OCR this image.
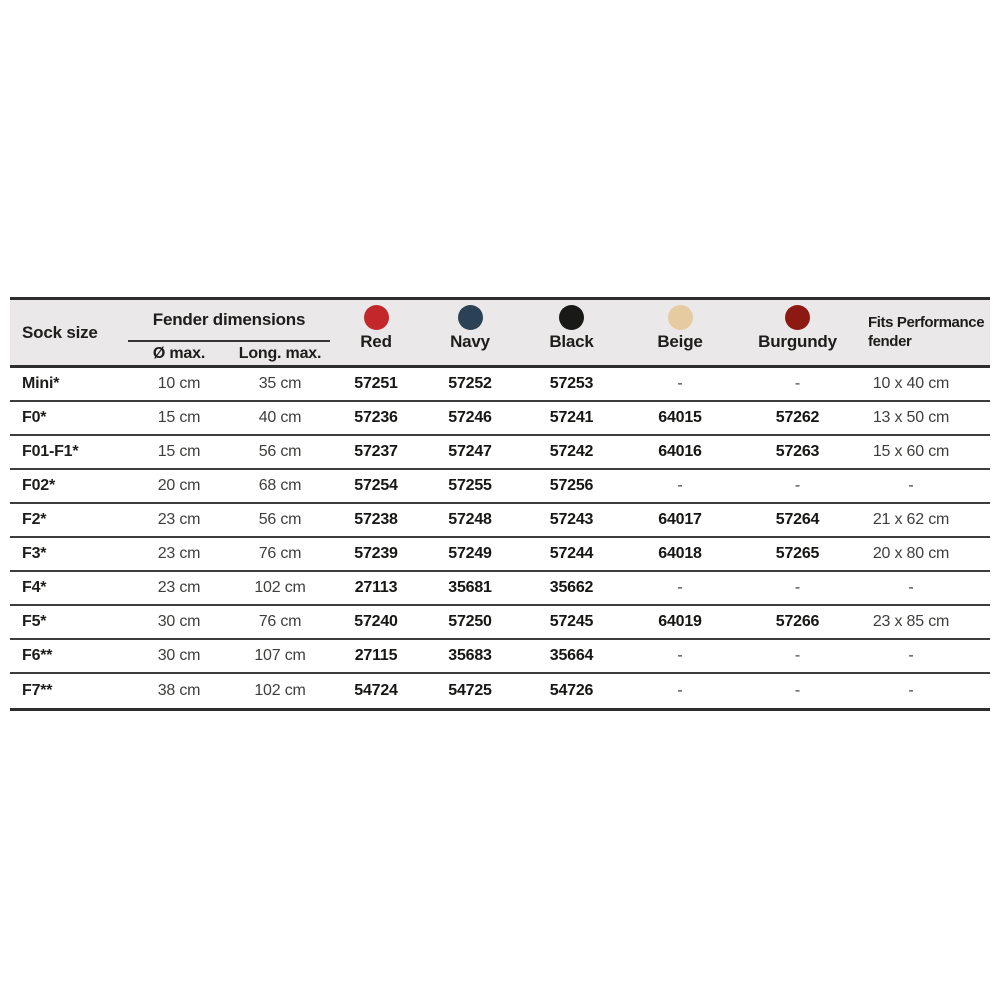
Sock size
Fender dimensions
Ø max.	Long. max.
Red	Navy	Black	Beige	Burgundy
Fits Performance
fender
Mini*	10 cm	35 cm	57251	57252	57253	-	-	10 x 40 cm
F0*	15 cm	40 cm	57236	57246	57241	64015	57262	13 x 50 cm
F01-F1*	15 cm	56 cm	57237	57247	57242	64016	57263	15 x 60 cm
F02*	20 cm	68 cm	57254	57255	57256	-	-	-
F2*	23 cm	56 cm	57238	57248	57243	64017	57264	21 x 62 cm
F3*	23 cm	76 cm	57239	57249	57244	64018	57265	20 x 80 cm
F4*	23 cm	102 cm	27113	35681	35662	-	-	-
F5*	30 cm	76 cm	57240	57250	57245	64019	57266	23 x 85 cm
F6**	30 cm	107 cm	27115	35683	35664	-	-	-
F7**	38 cm	102 cm	54724	54725	54726	-	-	-
